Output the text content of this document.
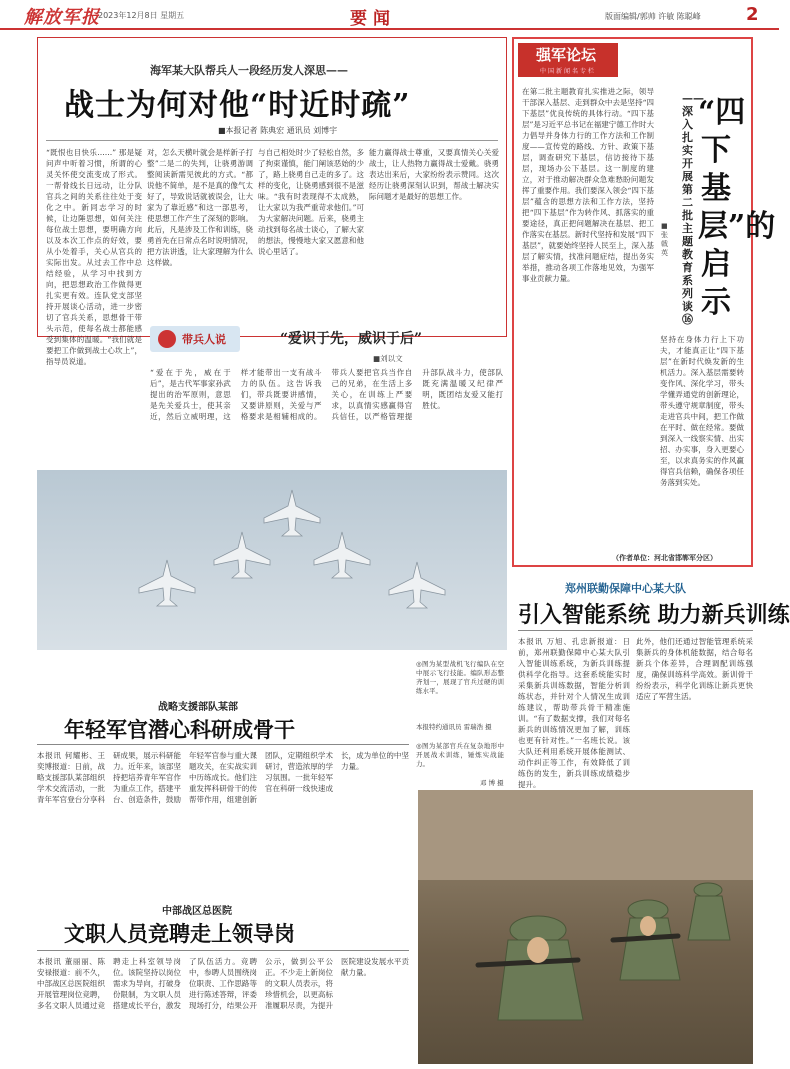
解放军报
2023年12月8日 星期五	要闻	版面编辑/郭帅 许敏 陈聪峰	2
海军某大队帮兵人一段经历发人深思——
战士为何对他“时近时疏”
■本报记者 陈典宏 通讯员 刘博宇
“既恨也目快乐……” 那是疑问声中听着习惯，所谓的心灵关怀使交流变成了形式。一帮骨线长日远动，让分队官兵之间的关系往往处于变化之中。新同志学习的时候，让边陲思想，如何关注每位战士思想，要明确方向以及本次工作点的好效，要从小处着手，关心从官兵的实际出发。从过去工作中总结经验，从学习中找到方向，把思想政治工作做得更扎实更有效。连队党支部坚持开展谈心活动，进一步密切了官兵关系，思想骨干带头示范，使每名战士都能感受到集体的温暖。“我们就是要把工作做到战士心坎上”，指导员说道。
对，怎么天横叶就会是样新子打整”二是二的失判，让骁勇游调整阅读新需见彼此的方式。“都说他不简单，是不是真的像气太好了，导致说话就被误会，让大家为了靠近感”和这一部思考，使思想工作产生了深刻的影响。此后，凡是涉及工作和训练，骁勇首先在日常点名时说明情况，把方法讲透，让大家理解为什么这样做。
与自己相处时少了轻松自然，多了拘束谨慎，能门阐该恶始的少了，路上骁勇自己走的多了。这样的变化，让骁勇感到很不是滋味。“我有时表现得不太成熟，让大家以为我严重苛求他们。”可为大家解决问题。后来，骁勇主动找到每名战士谈心，了解大家的想法，慢慢地大家又愿意和他说心里话了。
能力赢得战士尊重，又要真情关心关爱战士，让人热物力赢得战士爱戴。骁勇表达出来后，大家纷纷表示赞同。这次经历让骁勇深刻认识到，帮战士解决实际问题才是最好的思想工作。
带兵人说	“爱识于先，威识于后”
■刘以文
“爱在于先，威在于后”，是古代军事家孙武提出的治军原则，意思是先关爱兵士，使其亲近，然后立威明理，这样才能带出一支有战斗力的队伍。这告诉我们，带兵既要讲感情，又要讲原则，关爱与严格要求是相辅相成的。带兵人要把官兵当作自己的兄弟，在生活上多关心，在训练上严要求，以真情实感赢得官兵信任，以严格管理提升部队战斗力，使部队既充满温暖又纪律严明，既团结友爱又能打胜仗。
强军论坛
中国新闻名专栏
“四下基层”的启示
——深入扎实开展第二批主题教育系列谈⑯
■张戟英
在第二批主题教育扎实推进之际，领导干部深入基层、走到群众中去是坚持“四下基层”优良传统的具体行动。“四下基层”是习近平总书记在福建宁德工作时大力倡导并身体力行的工作方法和工作制度——宣传党的路线、方针、政策下基层，调查研究下基层，信访接待下基层，现场办公下基层。这一制度的建立，对于推动解决群众急难愁盼问题发挥了重要作用。我们要深入领会“四下基层”蕴含的思想方法和工作方法，坚持把“四下基层”作为转作风、抓落实的重要途径，真正把问题解决在基层、把工作落实在基层。新时代坚持和发展“四下基层”，就要始终坚持人民至上，深入基层了解实情，找准问题症结，提出务实举措，推动各项工作落地见效，为强军事业贡献力量。
坚持在身体力行上下功夫，才能真正让“四下基层”在新时代焕发新的生机活力。深入基层需要转变作风、深化学习，带头学懂弄通党的创新理论，带头遵守规章制度，带头走进官兵中间，把工作做在平时、做在经常。要做到深入一线察实情、出实招、办实事，身入更要心至，以求真务实的作风赢得官兵信赖，确保各项任务落到实处。
（作者单位：河北省邯郸军分区）
郑州联勤保障中心某大队
引入智能系统 助力新兵训练
本报讯 万旭、孔忠新报道：日前，郑州联勤保障中心某大队引入智能训练系统，为新兵训练提供科学化指导。这套系统能实时采集新兵训练数据，智能分析训练状态，并针对个人情况生成训练建议，帮助带兵骨干精准施训。“有了数据支撑，我们对每名新兵的训练情况更加了解，训练也更有针对性。”一名班长说。该大队还利用系统开展体能测试、动作纠正等工作，有效降低了训练伤的发生，新兵训练成绩稳步提升。
此外，他们还通过智能管理系统采集新兵的身体机能数据，结合每名新兵个体差异，合理调配训练强度，确保训练科学高效。新训骨干纷纷表示，科学化训练让新兵更快适应了军营生活。
◎图为某型战机飞行编队在空中展示飞行技能。编队形态整齐划一，展现了官兵过硬的训练水平。
本报特约通讯员 雷瑞浩 摄
◎图为某部官兵在复杂地形中开展战术训练，锤炼实战能力。
邓 博 摄
战略支援部队某部
年轻军官潜心科研成骨干
本报讯 何耀彬、王奕博报道：日前，战略支援部队某部组织学术交流活动，一批青年军官登台分享科研成果，展示科研能力。近年来，该部坚持把培养青年军官作为重点工作，搭建平台、创造条件，鼓励年轻军官参与重大课题攻关，在实战实训中历练成长。他们注重发挥科研骨干的传帮带作用，组建创新团队，定期组织学术研讨，营造浓厚的学习氛围。一批年轻军官在科研一线快速成长，成为单位的中坚力量。
中部战区总医院
文职人员竞聘走上领导岗
本报讯 董丽丽、陈安禄报道：前不久，中部战区总医院组织开展管理岗位竞聘，多名文职人员通过竞聘走上科室领导岗位。该院坚持以岗位需求为导向，打破身份限制，为文职人员搭建成长平台，激发了队伍活力。竞聘中，参聘人员围绕岗位职责、工作思路等进行陈述答辩，评委现场打分，结果公开公示，做到公平公正。不少走上新岗位的文职人员表示，将珍惜机会，以更高标准履职尽责，为提升医院建设发展水平贡献力量。
